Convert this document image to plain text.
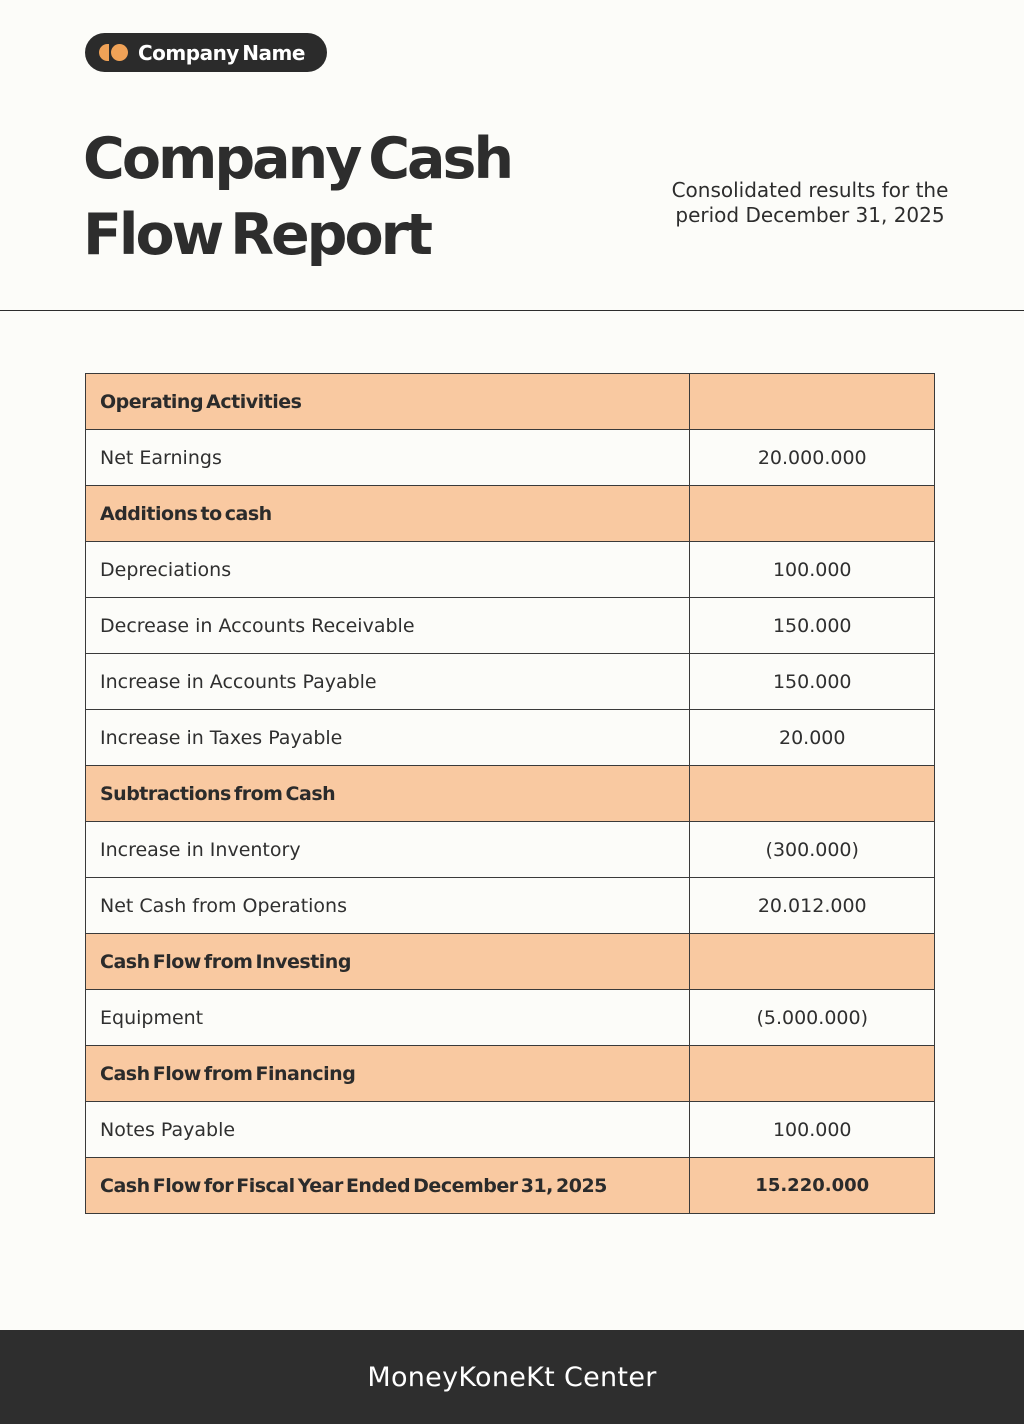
Company Name
Company Cash
Flow Report
Consolidated results for the
period December 31, 2025
Operating Activities	
Net Earnings	20.000.000
Additions to cash	
Depreciations	100.000
Decrease in Accounts Receivable	150.000
Increase in Accounts Payable	150.000
Increase in Taxes Payable	20.000
Subtractions from Cash	
Increase in Inventory	(300.000)
Net Cash from Operations	20.012.000
Cash Flow from Investing	
Equipment	(5.000.000)
Cash Flow from Financing	
Notes Payable	100.000
Cash Flow for Fiscal Year Ended December 31, 2025	15.220.000
MoneyKoneKt Center
